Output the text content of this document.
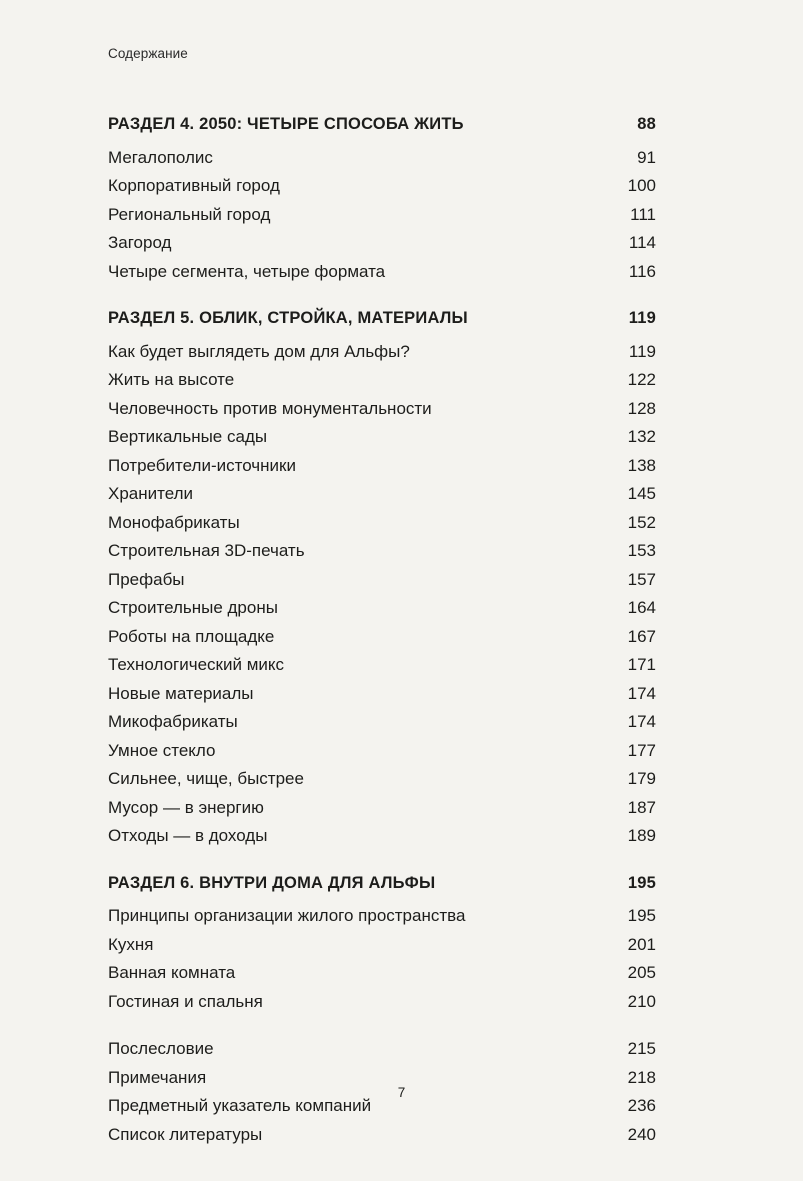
Содержание
РАЗДЕЛ 4. 2050: ЧЕТЫРЕ СПОСОБА ЖИТЬ	88
Мегалополис	91
Корпоративный город	100
Региональный город	111
Загород	114
Четыре сегмента, четыре формата	116
РАЗДЕЛ 5. ОБЛИК, СТРОЙКА, МАТЕРИАЛЫ	119
Как будет выглядеть дом для Альфы?	119
Жить на высоте	122
Человечность против монументальности	128
Вертикальные сады	132
Потребители-источники	138
Хранители	145
Монофабрикаты	152
Строительная 3D-печать	153
Префабы	157
Строительные дроны	164
Роботы на площадке	167
Технологический микс	171
Новые материалы	174
Микофабрикаты	174
Умное стекло	177
Сильнее, чище, быстрее	179
Мусор — в энергию	187
Отходы — в доходы	189
РАЗДЕЛ 6. ВНУТРИ ДОМА ДЛЯ АЛЬФЫ	195
Принципы организации жилого пространства	195
Кухня	201
Ванная комната	205
Гостиная и спальня	210
Послесловие	215
Примечания	218
Предметный указатель компаний	236
Список литературы	240
7
